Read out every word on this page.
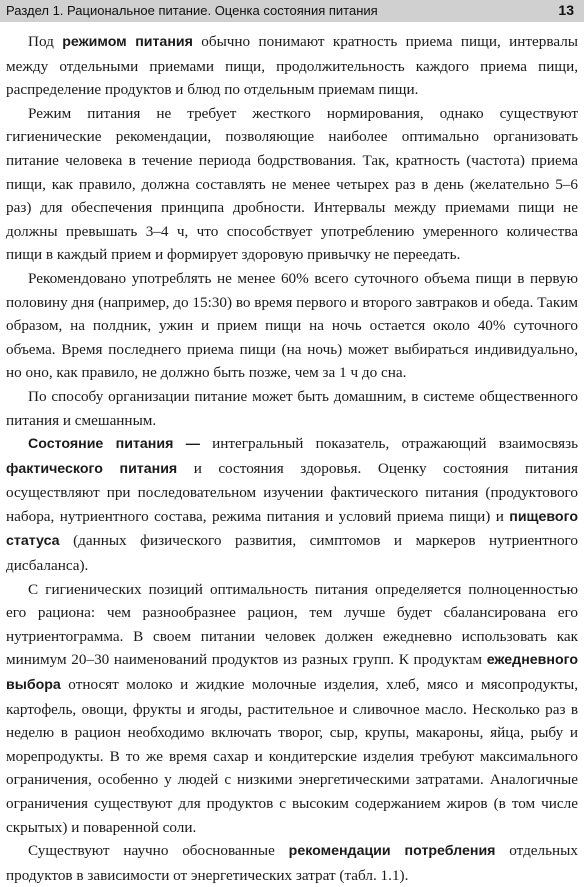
Раздел 1. Рациональное питание. Оценка состояния питания	13

Под режимом питания обычно понимают кратность приема пищи, интервалы между отдельными приемами пищи, продолжительность каждого приема пищи, распределение продуктов и блюд по отдельным приемам пищи.

Режим питания не требует жесткого нормирования, однако существуют гигиенические рекомендации, позволяющие наиболее оптимально организовать питание человека в течение периода бодрствования. Так, кратность (частота) приема пищи, как правило, должна составлять не менее четырех раз в день (желательно 5–6 раз) для обеспечения принципа дробности. Интервалы между приемами пищи не должны превышать 3–4 ч, что способствует употреблению умеренного количества пищи в каждый прием и формирует здоровую привычку не переедать.

Рекомендовано употреблять не менее 60% всего суточного объема пищи в первую половину дня (например, до 15:30) во время первого и второго завтраков и обеда. Таким образом, на полдник, ужин и прием пищи на ночь остается около 40% суточного объема. Время последнего приема пищи (на ночь) может выбираться индивидуально, но оно, как правило, не должно быть позже, чем за 1 ч до сна.

По способу организации питание может быть домашним, в системе общественного питания и смешанным.

Состояние питания — интегральный показатель, отражающий взаимосвязь фактического питания и состояния здоровья. Оценку состояния питания осуществляют при последовательном изучении фактического питания (продуктового набора, нутриентного состава, режима питания и условий приема пищи) и пищевого статуса (данных физического развития, симптомов и маркеров нутриентного дисбаланса).

С гигиенических позиций оптимальность питания определяется полноценностью его рациона: чем разнообразнее рацион, тем лучше будет сбалансирована его нутриентограмма. В своем питании человек должен ежедневно использовать как минимум 20–30 наименований продуктов из разных групп. К продуктам ежедневного выбора относят молоко и жидкие молочные изделия, хлеб, мясо и мясопродукты, картофель, овощи, фрукты и ягоды, растительное и сливочное масло. Несколько раз в неделю в рацион необходимо включать творог, сыр, крупы, макароны, яйца, рыбу и морепродукты. В то же время сахар и кондитерские изделия требуют максимального ограничения, особенно у людей с низкими энергетическими затратами. Аналогичные ограничения существуют для продуктов с высоким содержанием жиров (в том числе скрытых) и поваренной соли.

Существуют научно обоснованные рекомендации потребления отдельных продуктов в зависимости от энергетических затрат (табл. 1.1).
